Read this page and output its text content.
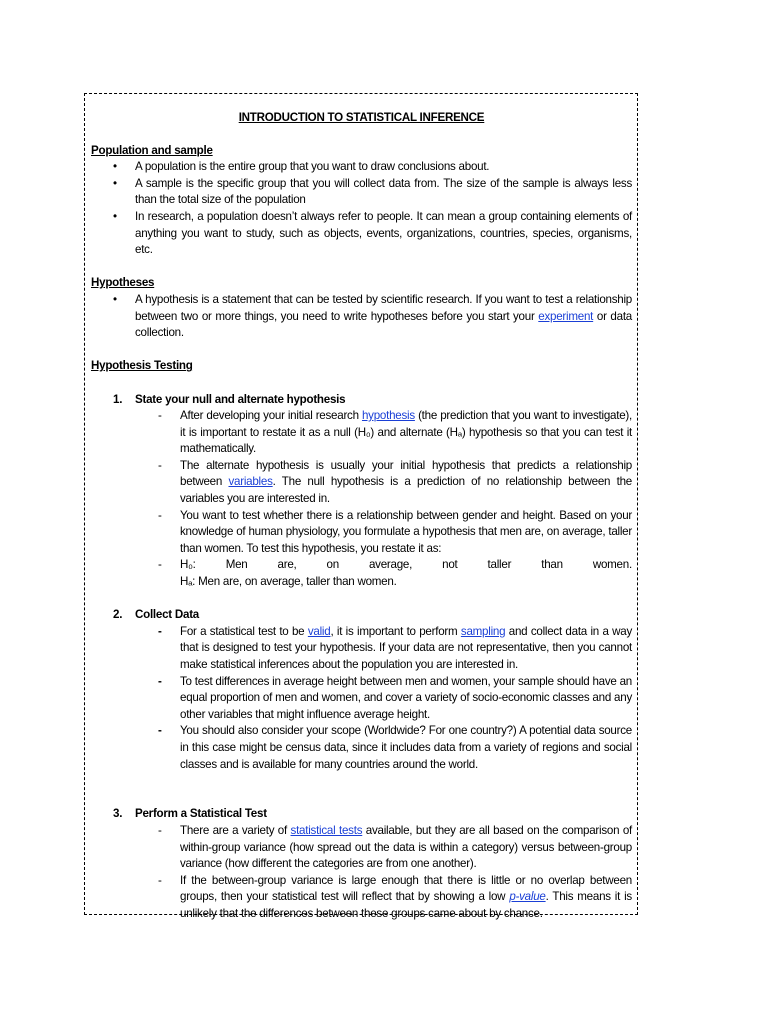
INTRODUCTION TO STATISTICAL INFERENCE

Population and sample

• A population is the entire group that you want to draw conclusions about.
• A sample is the specific group that you will collect data from. The size of the sample is always less than the total size of the population
• In research, a population doesn’t always refer to people. It can mean a group containing elements of anything you want to study, such as objects, events, organizations, countries, species, organisms, etc.

Hypotheses

• A hypothesis is a statement that can be tested by scientific research. If you want to test a relationship between two or more things, you need to write hypotheses before you start your experiment or data collection.

Hypothesis Testing

1. State your null and alternate hypothesis

- After developing your initial research hypothesis (the prediction that you want to investigate), it is important to restate it as a null (H₀) and alternate (Hₐ) hypothesis so that you can test it mathematically.
- The alternate hypothesis is usually your initial hypothesis that predicts a relationship between variables. The null hypothesis is a prediction of no relationship between the variables you are interested in.
- You want to test whether there is a relationship between gender and height. Based on your knowledge of human physiology, you formulate a hypothesis that men are, on average, taller than women. To test this hypothesis, you restate it as:
- H₀:	Men	are,	on	average,	not	taller	than	women.
Hₐ: Men are, on average, taller than women.

2. Collect Data

- For a statistical test to be valid, it is important to perform sampling and collect data in a way that is designed to test your hypothesis. If your data are not representative, then you cannot make statistical inferences about the population you are interested in.
- To test differences in average height between men and women, your sample should have an equal proportion of men and women, and cover a variety of socio-economic classes and any other variables that might influence average height.
- You should also consider your scope (Worldwide? For one country?) A potential data source in this case might be census data, since it includes data from a variety of regions and social classes and is available for many countries around the world.

3. Perform a Statistical Test

- There are a variety of statistical tests available, but they are all based on the comparison of within-group variance (how spread out the data is within a category) versus between-group variance (how different the categories are from one another).
- If the between-group variance is large enough that there is little or no overlap between groups, then your statistical test will reflect that by showing a low p-value. This means it is unlikely that the differences between these groups came about by chance.
